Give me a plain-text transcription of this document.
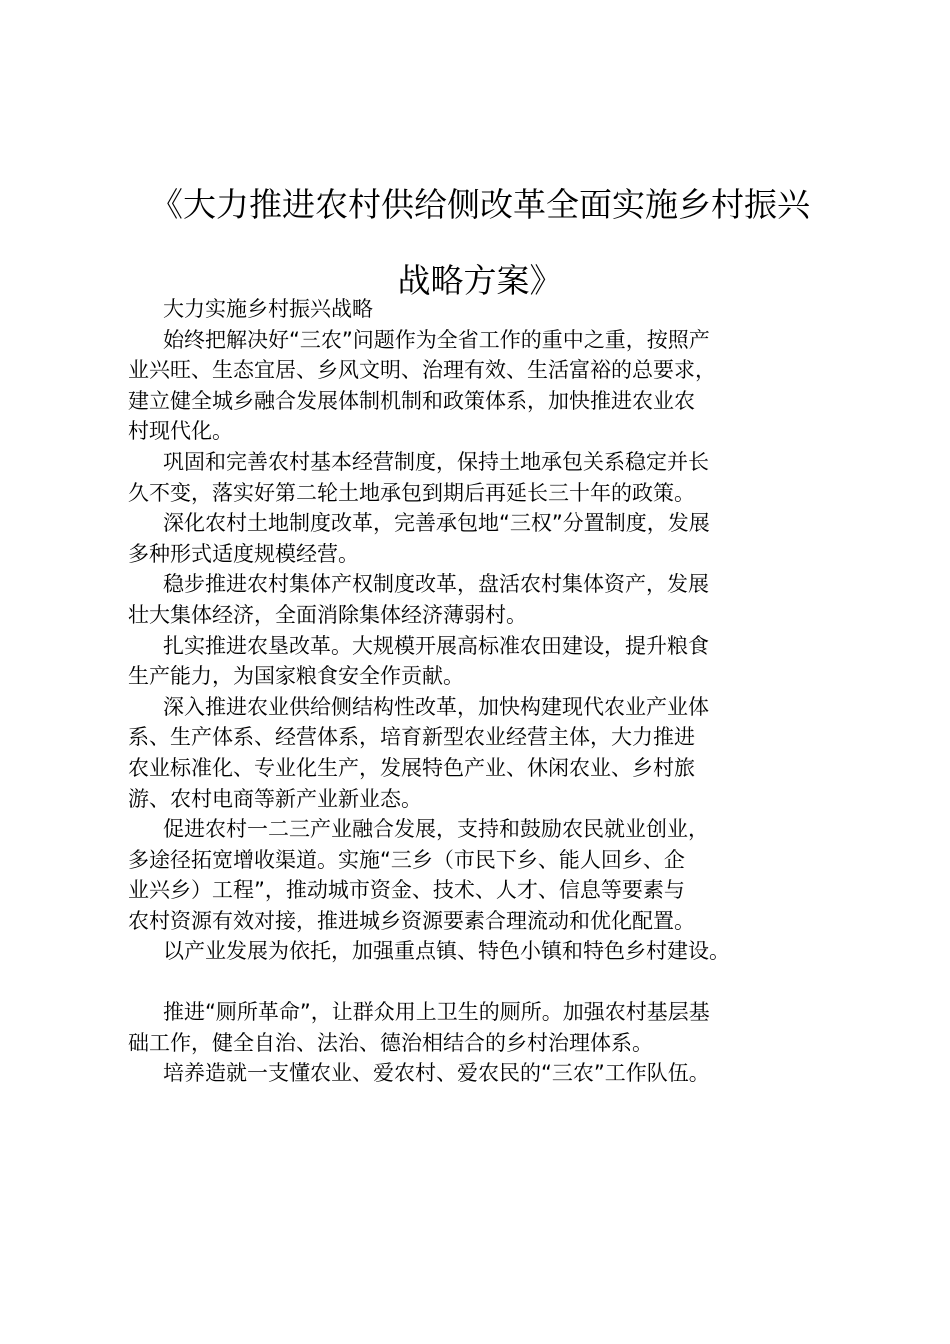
《大力推进农村供给侧改革全面实施乡村振兴
战略方案》

大力实施乡村振兴战略

始终把解决好“三农”问题作为全省工作的重中之重，按照产
业兴旺、生态宜居、乡风文明、治理有效、生活富裕的总要求，
建立健全城乡融合发展体制机制和政策体系，加快推进农业农
村现代化。

巩固和完善农村基本经营制度，保持土地承包关系稳定并长
久不变，落实好第二轮土地承包到期后再延长三十年的政策。

深化农村土地制度改革，完善承包地“三权”分置制度，发展
多种形式适度规模经营。

稳步推进农村集体产权制度改革，盘活农村集体资产，发展
壮大集体经济，全面消除集体经济薄弱村。

扎实推进农垦改革。大规模开展高标准农田建设，提升粮食
生产能力，为国家粮食安全作贡献。

深入推进农业供给侧结构性改革，加快构建现代农业产业体
系、生产体系、经营体系，培育新型农业经营主体，大力推进
农业标准化、专业化生产，发展特色产业、休闲农业、乡村旅
游、农村电商等新产业新业态。

促进农村一二三产业融合发展，支持和鼓励农民就业创业，
多途径拓宽增收渠道。实施“三乡（市民下乡、能人回乡、企
业兴乡）工程”，推动城市资金、技术、人才、信息等要素与
农村资源有效对接，推进城乡资源要素合理流动和优化配置。

以产业发展为依托，加强重点镇、特色小镇和特色乡村建设。

推进“厕所革命”，让群众用上卫生的厕所。加强农村基层基
础工作，健全自治、法治、德治相结合的乡村治理体系。

培养造就一支懂农业、爱农村、爱农民的“三农”工作队伍。
